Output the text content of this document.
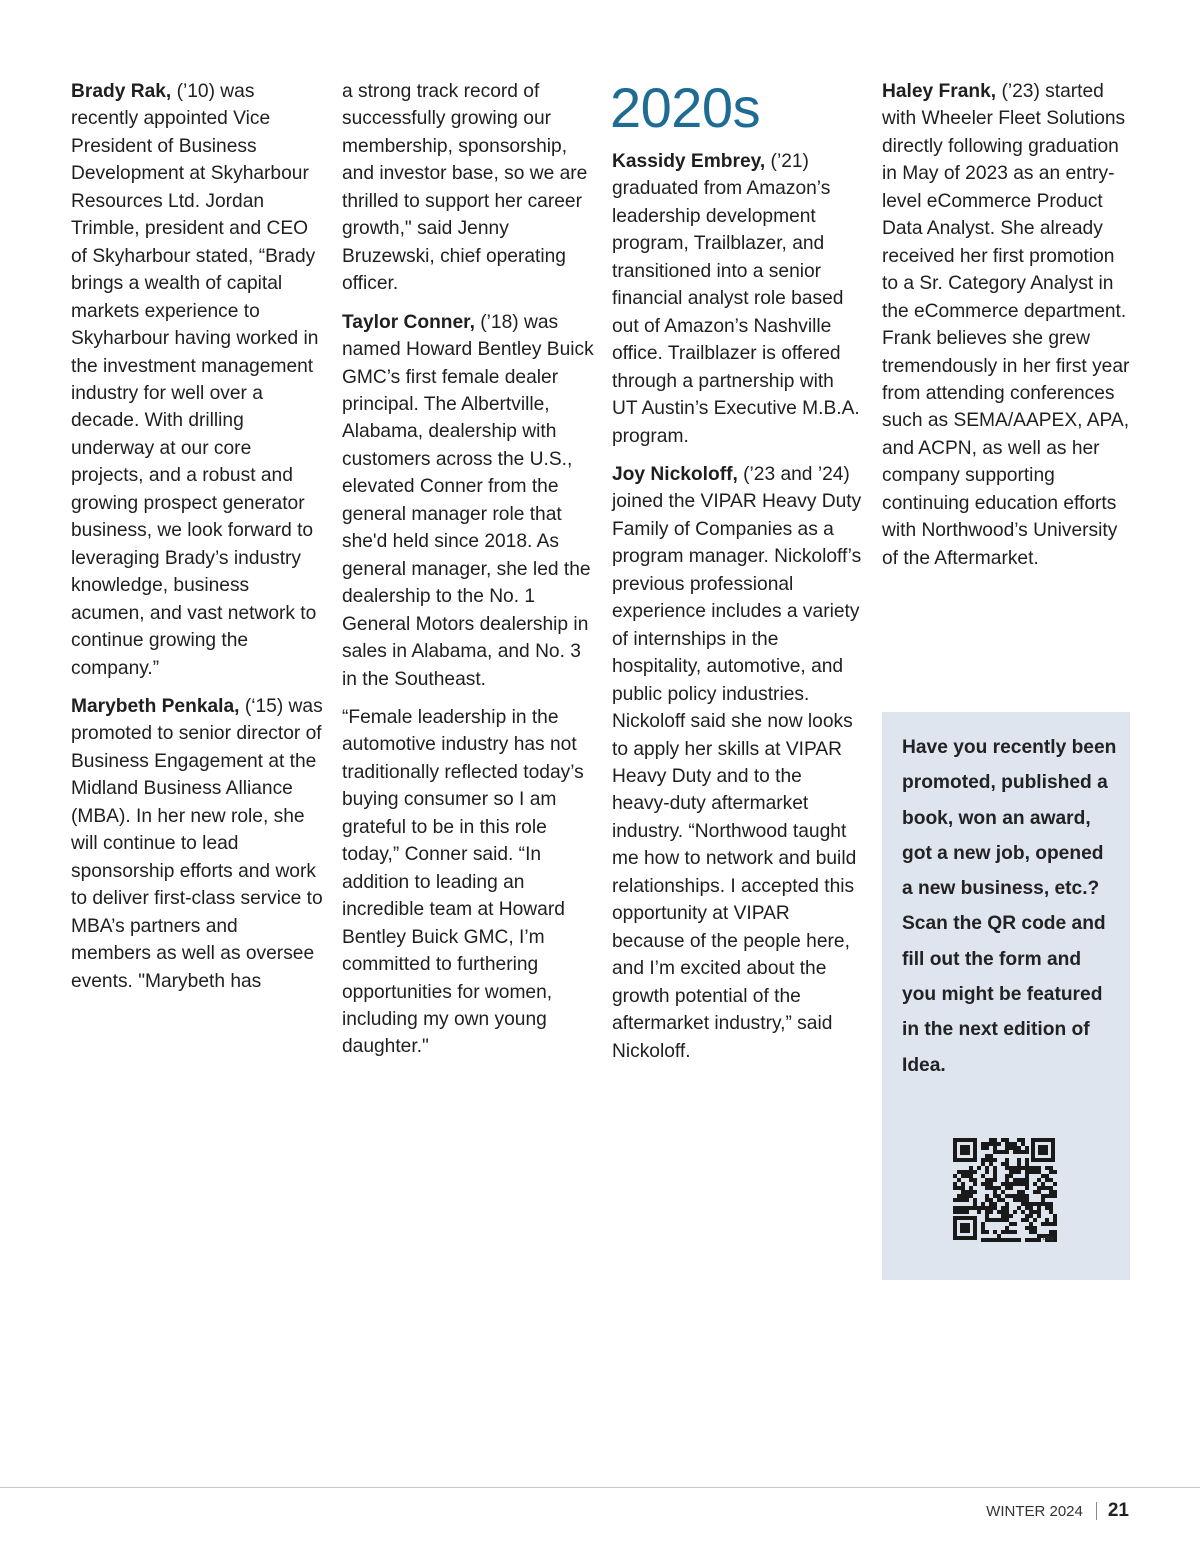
Brady Rak, (’10) was recently appointed Vice President of Business Development at Skyharbour Resources Ltd. Jordan Trimble, president and CEO of Skyharbour stated, “Brady brings a wealth of capital markets experience to Skyharbour having worked in the investment management industry for well over a decade. With drilling underway at our core projects, and a robust and growing prospect generator business, we look forward to leveraging Brady’s industry knowledge, business acumen, and vast network to continue growing the company.”

Marybeth Penkala, (‘15) was promoted to senior director of Business Engagement at the Midland Business Alliance (MBA). In her new role, she will continue to lead sponsorship efforts and work to deliver first-class service to MBA’s partners and members as well as oversee events. "Marybeth has

a strong track record of successfully growing our membership, sponsorship, and investor base, so we are thrilled to support her career growth," said Jenny Bruzewski, chief operating officer.

Taylor Conner, (’18) was named Howard Bentley Buick GMC’s first female dealer principal. The Albertville, Alabama, dealership with customers across the U.S., elevated Conner from the general manager role that she'd held since 2018. As general manager, she led the dealership to the No. 1 General Motors dealership in sales in Alabama, and No. 3 in the Southeast.

“Female leadership in the automotive industry has not traditionally reflected today’s buying consumer so I am grateful to be in this role today,” Conner said. “In addition to leading an incredible team at Howard Bentley Buick GMC, I’m committed to furthering opportunities for women, including my own young daughter."

2020s

Kassidy Embrey, (’21) graduated from Amazon’s leadership development program, Trailblazer, and transitioned into a senior financial analyst role based out of Amazon’s Nashville office. Trailblazer is offered through a partnership with UT Austin’s Executive M.B.A. program.

Joy Nickoloff, (’23 and ’24) joined the VIPAR Heavy Duty Family of Companies as a program manager. Nickoloff’s previous professional experience includes a variety of internships in the hospitality, automotive, and public policy industries. Nickoloff said she now looks to apply her skills at VIPAR Heavy Duty and to the heavy-duty aftermarket industry. “Northwood taught me how to network and build relationships. I accepted this opportunity at VIPAR because of the people here, and I’m excited about the growth potential of the aftermarket industry,” said Nickoloff.

Haley Frank, (’23) started with Wheeler Fleet Solutions directly following graduation in May of 2023 as an entry-level eCommerce Product Data Analyst. She already received her first promotion to a Sr. Category Analyst in the eCommerce department. Frank believes she grew tremendously in her first year from attending conferences such as SEMA/AAPEX, APA, and ACPN, as well as her company supporting continuing education efforts with Northwood’s University of the Aftermarket.

Have you recently been promoted, published a book, won an award, got a new job, opened a new business, etc.? Scan the QR code and fill out the form and you might be featured in the next edition of Idea.
bitly
WINTER 2024 21
